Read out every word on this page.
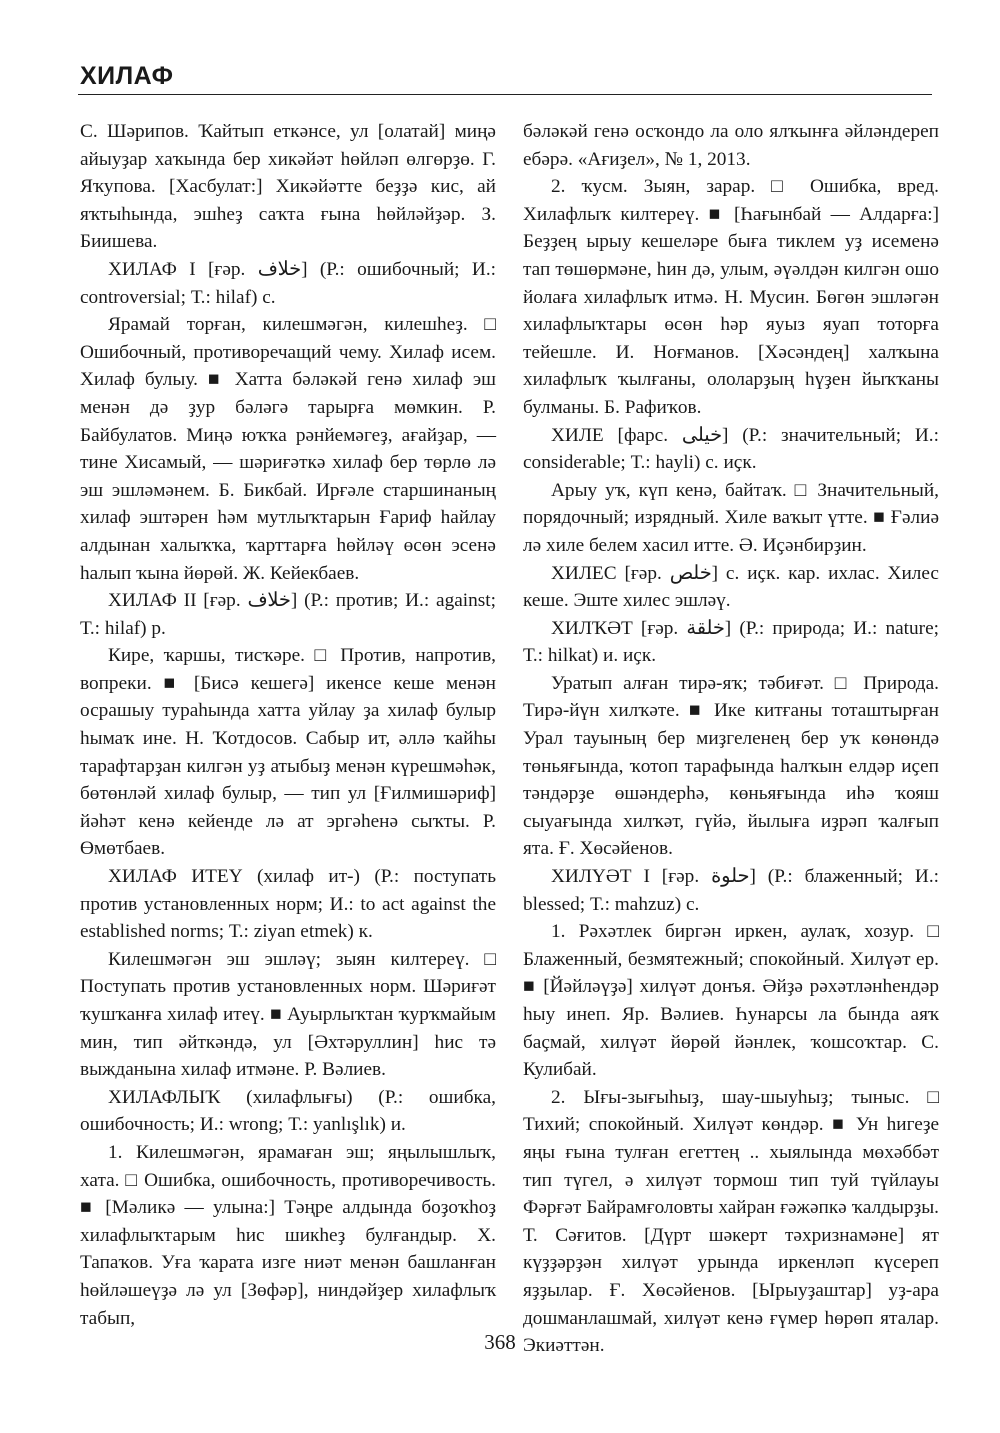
ХИЛАФ

С. Шәрипов. Ҡайтып еткәнсе, ул [олатай] миңә айыуҙар хаҡында бер хикәйәт һөйләп өлгөрҙө. Г. Яҡупова. [Хасбулат:] Хикәйәтте беҙҙә кис, ай яҡтыһында, эшһеҙ саҡта ғына һөйләйҙәр. З. Биишева.

ХИЛАФ I [ғәр. خلاف] (Р.: ошибочный; И.: controversial; Т.: hilaf) с.

Ярамай торған, килешмәгән, килешһеҙ. □ Ошибочный, противоречащий чему. Хилаф исем. Хилаф булыу. ■ Хатта бәләкәй генә хилаф эш менән дә ҙур бәләгә тарырға мөмкин. Р. Байбулатов. Миңә юҡҡа рәнйемәгеҙ, ағайҙар, — тине Хисамый, — шәриғәткә хилаф бер төрлө лә эш эшләмәнем. Б. Бикбай. Ирғәле старшинаның хилаф эштәрен һәм мутлыҡтарын Ғариф һайлау алдынан халыҡҡа, ҡарттарға һөйләү өсөн эсенә һалып ҡына йөрөй. Ж. Кейекбаев.

ХИЛАФ II [ғәр. خلاف] (Р.: против; И.: against; Т.: hilaf) р.

Кире, ҡаршы, тисҡәре. □ Против, напротив, вопреки. ■ [Бисә кешегә] икенсе кеше менән осрашыу тураһында хатта уйлау ҙа хилаф булыр һымаҡ ине. Н. Ҡотдосов. Сабыр ит, әллә ҡайһы тарафтарҙан килгән уҙ атыбыҙ менән күрешмәһәк, бөтөнләй хилаф булыр, — тип ул [Ғилмишәриф] йәһәт кенә кейенде лә ат эргәһенә сыҡты. Р. Өмөтбаев.

ХИЛАФ ИТЕҮ (хилаф ит-) (Р.: поступать против установленных норм; И.: to act against the established norms; Т.: ziyan etmek) к.

Килешмәгән эш эшләү; зыян килтереү. □ Поступать против установленных норм. Шәриғәт ҡушҡанға хилаф итеү. ■ Ауырлыҡтан ҡурҡмайым мин, тип әйткәндә, ул [Әхтәруллин] һис тә выжданына хилаф итмәне. Р. Вәлиев.

ХИЛАФЛЫҠ (хилафлығы) (Р.: ошибка, ошибочность; И.: wrong; Т.: yanlışlık) и.

1. Килешмәгән, ярамаған эш; яңылышлыҡ, хата. □ Ошибка, ошибочность, противоречивость. ■ [Мәликә — улына:] Тәңре алдында боҙоҡһоҙ хилафлыҡтарым һис шикһеҙ булғандыр. Х. Тапаҡов. Уға ҡарата изге ниәт менән башланған һөйләшеүҙә лә ул [Зөфәр], ниндәйҙер хилафлыҡ табып,

бәләкәй генә осҡондо ла оло ялҡынға әйләндереп ебәрә. «Ағиҙел», № 1, 2013.

2. ҡусм. Зыян, зарар. □ Ошибка, вред. Хилафлыҡ килтереү. ■ [Һағынбай — Алдарға:] Беҙҙең ырыу кешеләре быға тиклем уҙ исеменә тап төшөрмәне, һин дә, улым, әүәлдән килгән ошо йолаға хилафлыҡ итмә. Н. Мусин. Бөгөн эшләгән хилафлыҡтары өсөн һәр яуыз яуап тоторға тейешле. И. Ноғманов. [Хәсәндең] халҡына хилафлыҡ ҡылғаны, ололарҙың һүҙен йыҡҡаны булманы. Б. Рафиҡов.

ХИЛЕ [фарс. خيلى] (Р.: значительный; И.: considerable; Т.: hayli) с. иҫк.

Арыу уҡ, күп кенә, байтаҡ. □ Значительный, порядочный; изрядный. Хиле ваҡыт үтте. ■ Ғәлиә лә хиле белем хасил итте. Ә. Иҫәнбирҙин.

ХИЛЕС [ғәр. خلص] с. иҫк. кар. ихлас. Хилес кеше. Эште хилес эшләү.

ХИЛҠӘТ [ғәр. خلقة] (Р.: природа; И.: nature; Т.: hilkat) и. иҫк.

Уратып алған тирә-яҡ; тәбиғәт. □ Природа. Тирә-йүн хилҡәте. ■ Ике китғаны тоташтырған Урал тауының бер миҙгеленең бер уҡ көнөндә төньяғында, ҡотоп тарафында һалҡын елдәр иҫеп тәндәрҙе өшәндерһә, көньяғында иһә ҡояш сыуағында хилҡәт, гүйә, йылыға иҙрәп ҡалғып ята. Ғ. Хөсәйенов.

ХИЛҮӘТ I [ғәр. حلوة] (Р.: блаженный; И.: blessed; Т.: mahzuz) с.

1. Рәхәтлек биргән иркен, аулаҡ, хозур. □ Блаженный, безмятежный; спокойный. Хилүәт ер. ■ [Йәйләүҙә] хилүәт донъя. Әйҙә рәхәтләнһендәр һыу инеп. Яр. Вәлиев. Һунарсы ла бында аяҡ баҫмай, хилүәт йөрөй йәнлек, ҡошсоҡтар. С. Кулибай.

2. Ығы-зығыһыҙ, шау-шыуһыҙ; тыныс. □ Тихий; спокойный. Хилүәт көндәр. ■ Ун һигеҙе яңы ғына тулған егеттең .. хыялында мөхәббәт тип түгел, ә хилүәт тормош тип туй түйлауы Фәрғәт Байрамғоловты хайран ғәжәпкә ҡалдырҙы. Т. Сәғитов. [Дүрт шәкерт тәхризнамәне] ят күҙҙәрҙән хилүәт урында иркенләп күсереп яҙҙылар. Ғ. Хөсәйенов. [Ырыуҙаштар] уҙ-ара дошманлашмай, хилүәт кенә ғүмер һөрөп яталар. Экиәттән.

368
